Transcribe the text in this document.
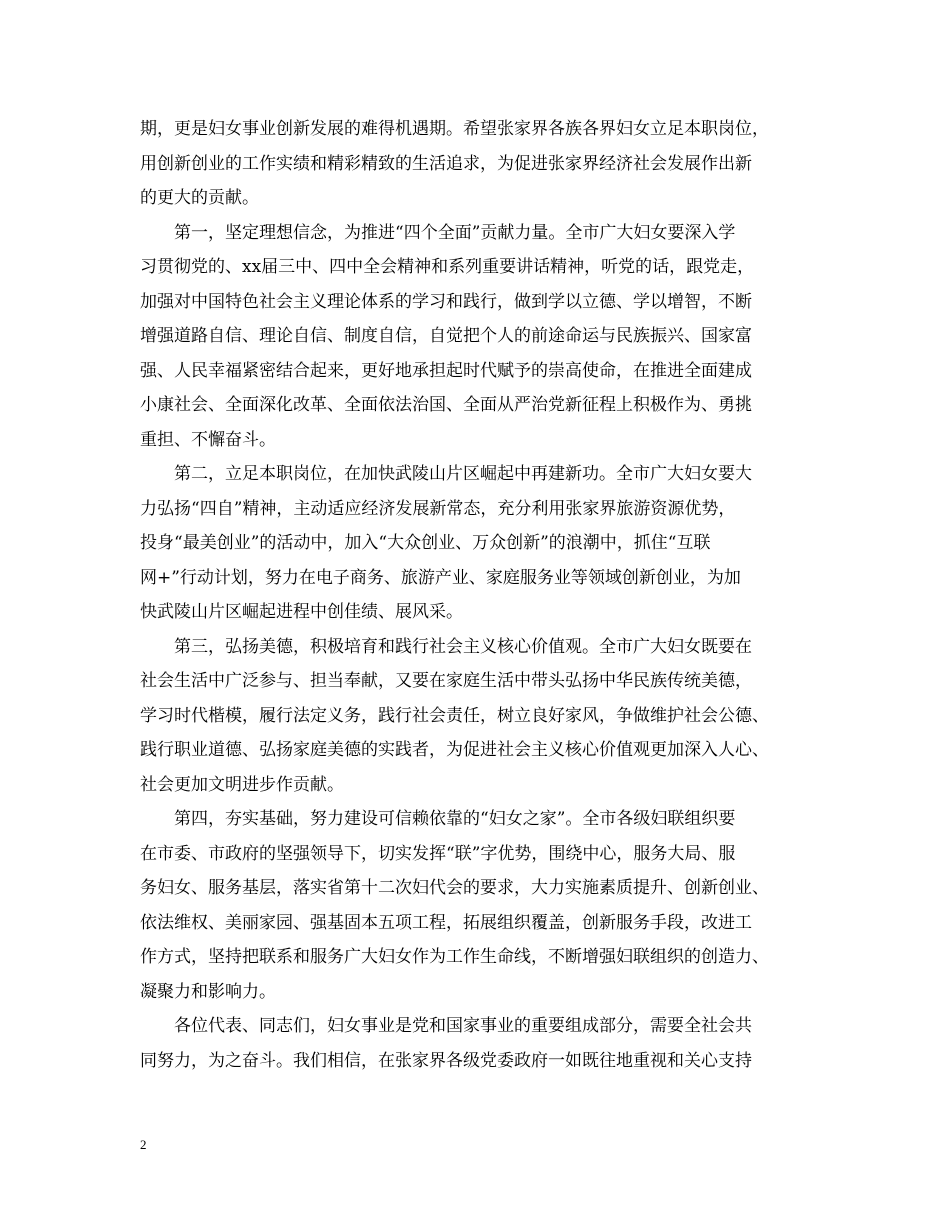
期，更是妇女事业创新发展的难得机遇期。希望张家界各族各界妇女立足本职岗位，
用创新创业的工作实绩和精彩精致的生活追求，为促进张家界经济社会发展作出新
的更大的贡献。
　　第一，坚定理想信念，为推进“四个全面”贡献力量。全市广大妇女要深入学
习贯彻党的、xx届三中、四中全会精神和系列重要讲话精神，听党的话，跟党走，
加强对中国特色社会主义理论体系的学习和践行，做到学以立德、学以增智，不断
增强道路自信、理论自信、制度自信，自觉把个人的前途命运与民族振兴、国家富
强、人民幸福紧密结合起来，更好地承担起时代赋予的崇高使命，在推进全面建成
小康社会、全面深化改革、全面依法治国、全面从严治党新征程上积极作为、勇挑
重担、不懈奋斗。
　　第二，立足本职岗位，在加快武陵山片区崛起中再建新功。全市广大妇女要大
力弘扬“四自”精神，主动适应经济发展新常态，充分利用张家界旅游资源优势，
投身“最美创业”的活动中，加入“大众创业、万众创新”的浪潮中，抓住“互联
网+”行动计划，努力在电子商务、旅游产业、家庭服务业等领域创新创业，为加
快武陵山片区崛起进程中创佳绩、展风采。
　　第三，弘扬美德，积极培育和践行社会主义核心价值观。全市广大妇女既要在
社会生活中广泛参与、担当奉献，又要在家庭生活中带头弘扬中华民族传统美德，
学习时代楷模，履行法定义务，践行社会责任，树立良好家风，争做维护社会公德、
践行职业道德、弘扬家庭美德的实践者，为促进社会主义核心价值观更加深入人心、
社会更加文明进步作贡献。
　　第四，夯实基础，努力建设可信赖依靠的“妇女之家”。全市各级妇联组织要
在市委、市政府的坚强领导下，切实发挥“联”字优势，围绕中心，服务大局、服
务妇女、服务基层，落实省第十二次妇代会的要求，大力实施素质提升、创新创业、
依法维权、美丽家园、强基固本五项工程，拓展组织覆盖，创新服务手段，改进工
作方式，坚持把联系和服务广大妇女作为工作生命线，不断增强妇联组织的创造力、
凝聚力和影响力。
　　各位代表、同志们，妇女事业是党和国家事业的重要组成部分，需要全社会共
同努力，为之奋斗。我们相信，在张家界各级党委政府一如既往地重视和关心支持
2
